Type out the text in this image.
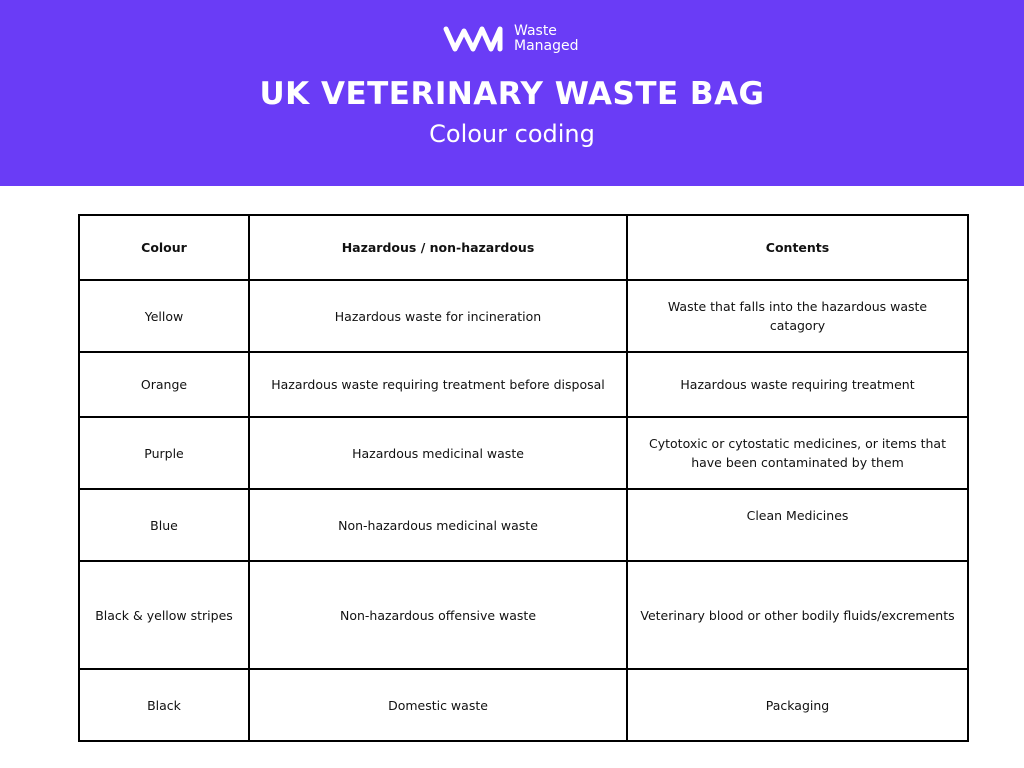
Waste
Managed
UK VETERINARY WASTE BAG
Colour coding
Colour	Hazardous / non-hazardous	Contents
Yellow	Hazardous waste for incineration	Waste that falls into the hazardous waste catagory
Orange	Hazardous waste requiring treatment before disposal	Hazardous waste requiring treatment
Purple	Hazardous medicinal waste	Cytotoxic or cytostatic medicines, or items that have been contaminated by them
Blue	Non-hazardous medicinal waste	Clean Medicines
Black & yellow stripes	Non-hazardous offensive waste	Veterinary blood or other bodily fluids/excrements
Black	Domestic waste	Packaging
